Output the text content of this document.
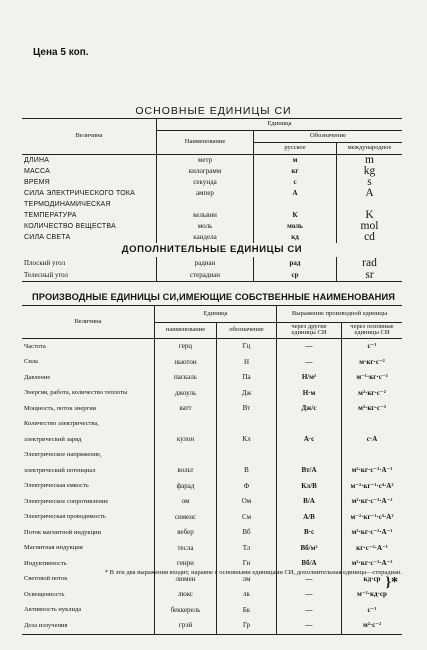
Цена 5 коп.
ОСНОВНЫЕ ЕДИНИЦЫ СИ
Величина	Единица		
	Наименование	Обозначение	
		русское	международное
ДЛИНА	метр	м	m
МАССА	килограмм	кг	kg
ВРЕМЯ	секунда	с	s
СИЛА ЭЛЕКТРИЧЕСКОГО ТОКА	ампер	А	A
ТЕРМОДИНАМИЧЕСКАЯ			
ТЕМПЕРАТУРА	кельвин	К	K
КОЛИЧЕСТВО ВЕЩЕСТВА	моль	моль	mol
СИЛА СВЕТА	кандела	кд	cd
ДОПОЛНИТЕЛЬНЫЕ ЕДИНИЦЫ СИ			
Плоский угол	радиан	рад	rad
Телесный угол	стерадиан	ср	sr
ПРОИЗВОДНЫЕ ЕДИНИЦЫ СИ,ИМЕЮЩИЕ СОБСТВЕННЫЕ НАИМЕНОВАНИЯ
Величина	Единица		Выражение производной единицы	
	наименование	обозначение	через другие единицы СИ	через основные единицы СИ
Частота	герц	Гц	—	с⁻¹
Сила	ньютон	Н	—	м·кг·с⁻²
Давление	паскаль	Па	Н/м²	м⁻¹·кг·с⁻²
Энергия, работа, количество теплоты	джоуль	Дж	Н·м	м²·кг·с⁻²
Мощность, поток энергии	ватт	Вт	Дж/с	м²·кг·с⁻³
Количество электричества,				
электрический заряд	кулон	Кл	А·с	с·А
Электрическое напряжение,				
электрический потенциал	вольт	В	Вт/А	м²·кг·с⁻³·А⁻¹
Электрическая емкость	фарад	Ф	Кл/В	м⁻²·кг⁻¹·с⁴·А²
Электрическое сопротивление	ом	Ом	В/А	м²·кг·с⁻³·А⁻²
Электрическая проводимость	сименс	См	А/В	м⁻²·кг⁻¹·с³·А²
Поток магнитной индукции	вебер	Вб	В·с	м²·кг·с⁻²·А⁻¹
Магнитная индукция	тесла	Тл	Вб/м²	кг·с⁻²·А⁻¹
Индуктивность	генри	Гн	Вб/А	м²·кг·с⁻²·А⁻²
Световой поток	люмен	лм	—	кд·ср }*

Освещенность	люкс	лк	—	м⁻²·кд·ср
Активность нуклида	беккерель	Бк	—	с⁻¹
Доза излучения	грэй	Гр	—	м²·с⁻²
* В эти два выражения входит, наравне с основными единицами СИ, дополнительная единица—стерадиан.
